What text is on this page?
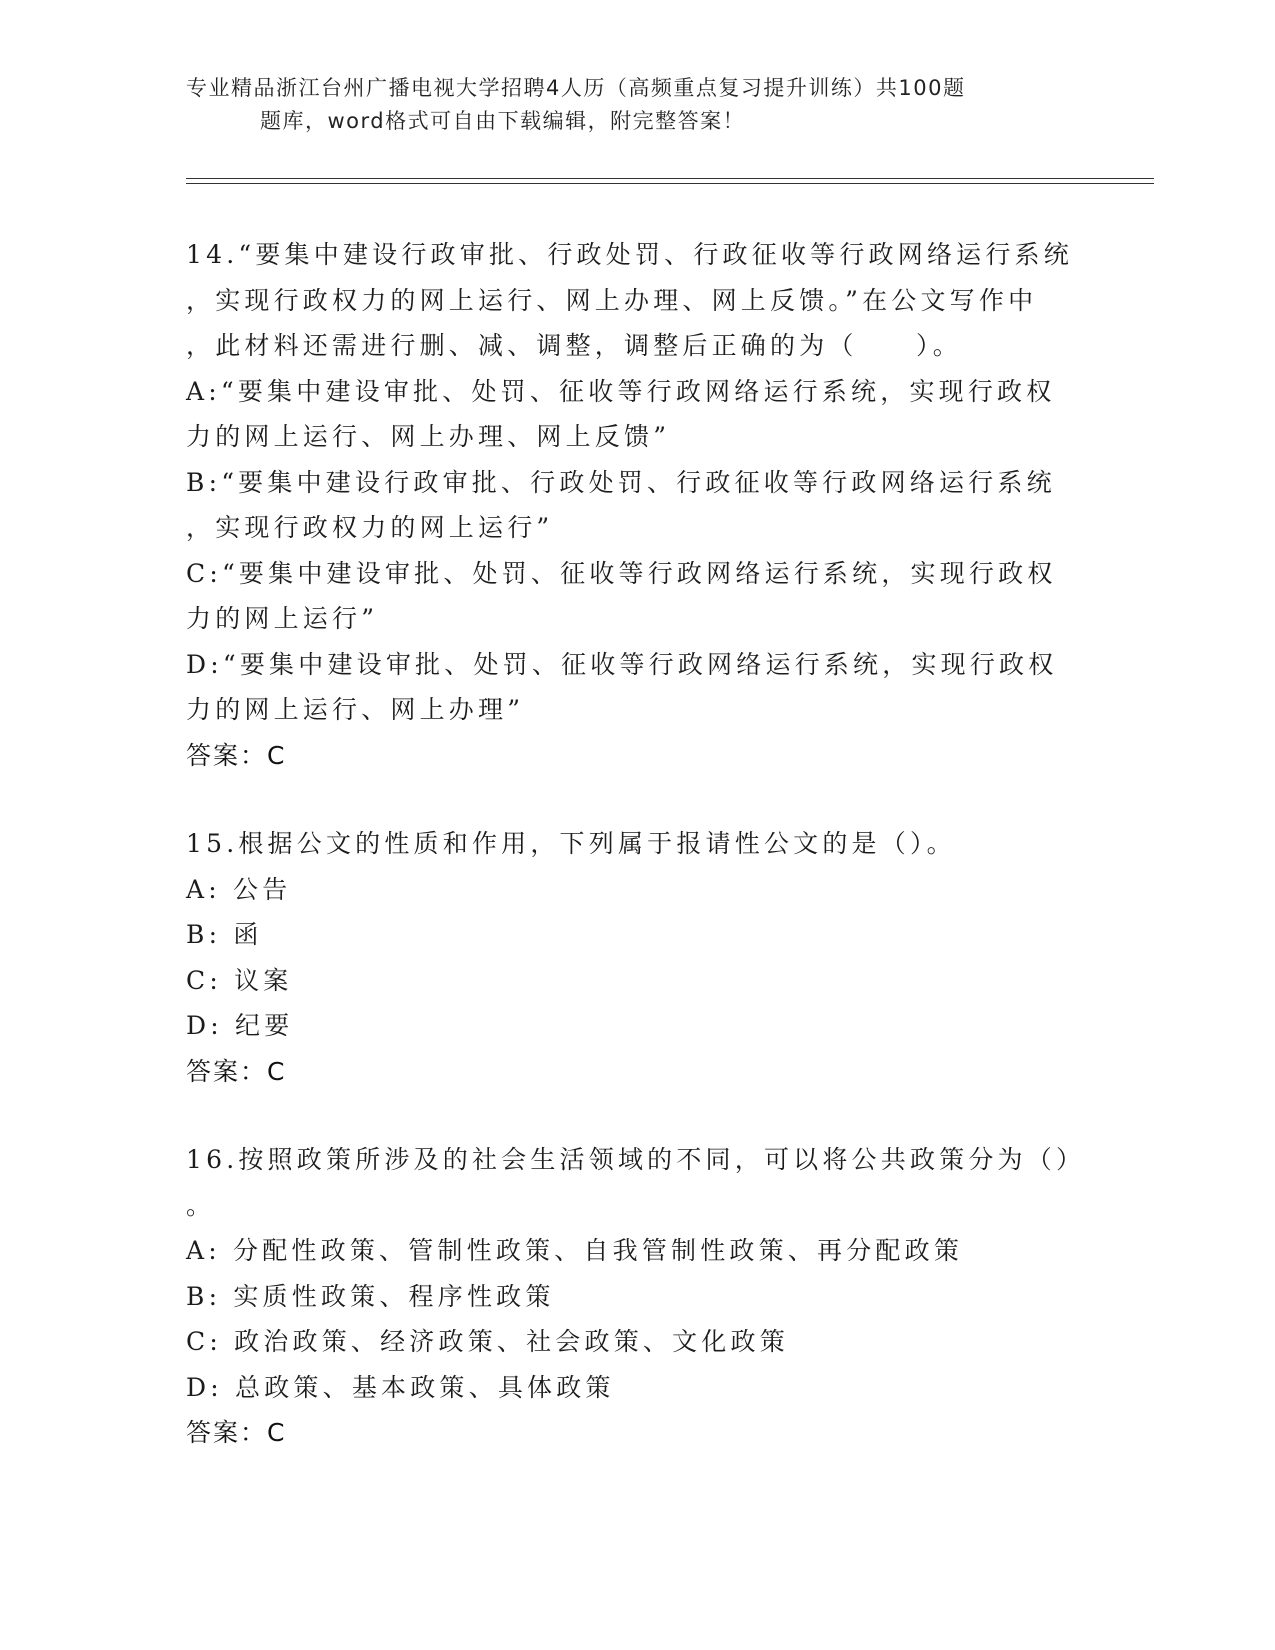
专业精品浙江台州广播电视大学招聘4人历（高频重点复习提升训练）共100题
题库，word格式可自由下载编辑，附完整答案！
14.“要集中建设行政审批、行政处罚、行政征收等行政网络运行系统
，实现行政权力的网上运行、网上办理、网上反馈。”在公文写作中
，此材料还需进行删、减、调整，调整后正确的为（　　）。
A:“要集中建设审批、处罚、征收等行政网络运行系统，实现行政权
力的网上运行、网上办理、网上反馈”
B:“要集中建设行政审批、行政处罚、行政征收等行政网络运行系统
，实现行政权力的网上运行”
C:“要集中建设审批、处罚、征收等行政网络运行系统，实现行政权
力的网上运行”
D:“要集中建设审批、处罚、征收等行政网络运行系统，实现行政权
力的网上运行、网上办理”
答案：C
15.根据公文的性质和作用，下列属于报请性公文的是（）。
A: 公告
B: 函
C: 议案
D: 纪要
答案：C
16.按照政策所涉及的社会生活领域的不同，可以将公共政策分为（）
。
A: 分配性政策、管制性政策、自我管制性政策、再分配政策
B: 实质性政策、程序性政策
C: 政治政策、经济政策、社会政策、文化政策
D: 总政策、基本政策、具体政策
答案：C
